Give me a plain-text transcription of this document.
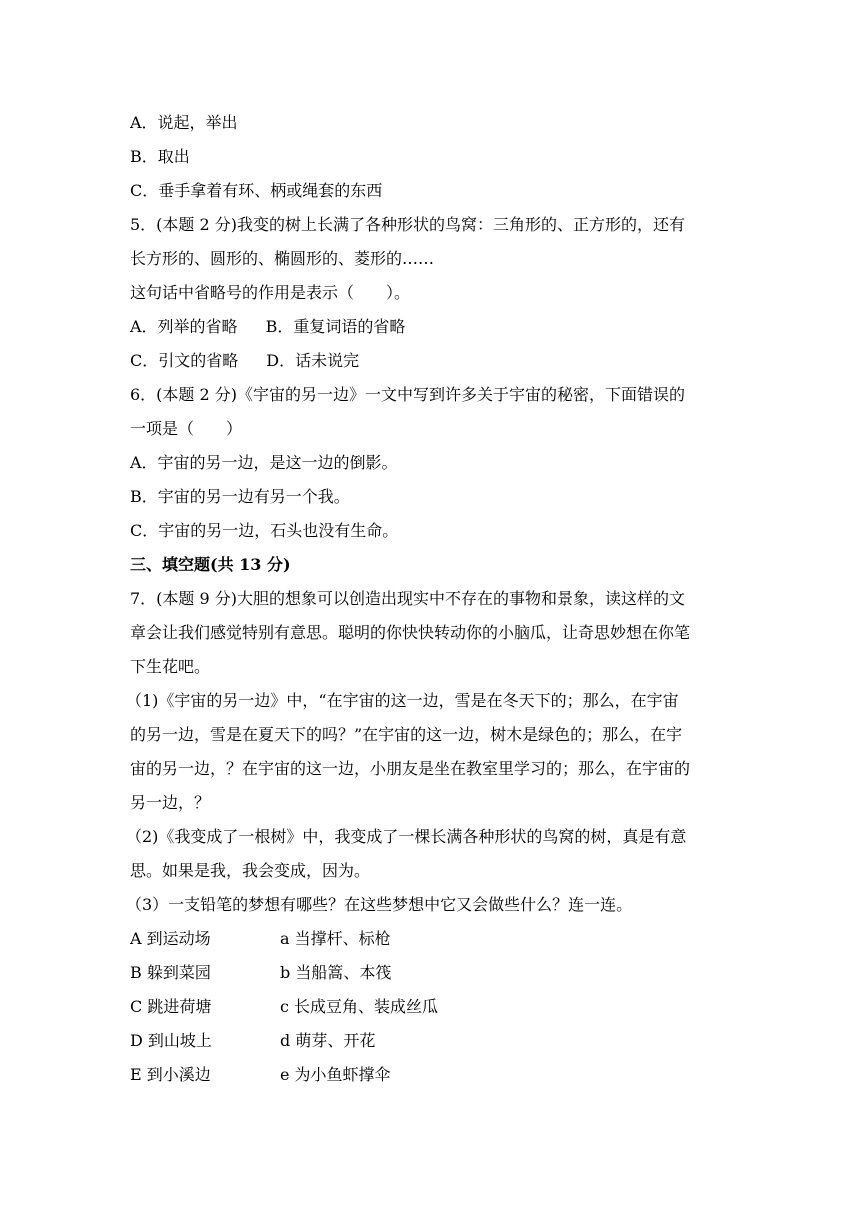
A．说起，举出
B．取出
C．垂手拿着有环、柄或绳套的东西
5．(本题 2 分)我变的树上长满了各种形状的鸟窝：三角形的、正方形的，还有
长方形的、圆形的、椭圆形的、菱形的……
这句话中省略号的作用是表示（　　）。
A．列举的省略 B．重复词语的省略
C．引文的省略 D．话未说完
6．(本题 2 分)《宇宙的另一边》一文中写到许多关于宇宙的秘密，下面错误的
一项是（　　）
A．宇宙的另一边，是这一边的倒影。
B．宇宙的另一边有另一个我。
C．宇宙的另一边，石头也没有生命。
三、填空题(共 13 分)
7．(本题 9 分)大胆的想象可以创造出现实中不存在的事物和景象，读这样的文
章会让我们感觉特别有意思。聪明的你快快转动你的小脑瓜，让奇思妙想在你笔
下生花吧。
（1)《宇宙的另一边》中，“在宇宙的这一边，雪是在冬天下的；那么，在宇宙
的另一边，雪是在夏天下的吗？”在宇宙的这一边，树木是绿色的；那么，在宇
宙的另一边，？在宇宙的这一边，小朋友是坐在教室里学习的；那么，在宇宙的
另一边，？
（2)《我变成了一根树》中，我变成了一棵长满各种形状的鸟窝的树，真是有意
思。如果是我，我会变成，因为。
（3）一支铅笔的梦想有哪些？在这些梦想中它又会做些什么？连一连。
A 到运动场	a 当撑杆、标枪
B 躲到菜园	b 当船篙、本筏
C 跳进荷塘	c 长成豆角、装成丝瓜
D 到山坡上	d 萌芽、开花
E 到小溪边	e 为小鱼虾撑伞
